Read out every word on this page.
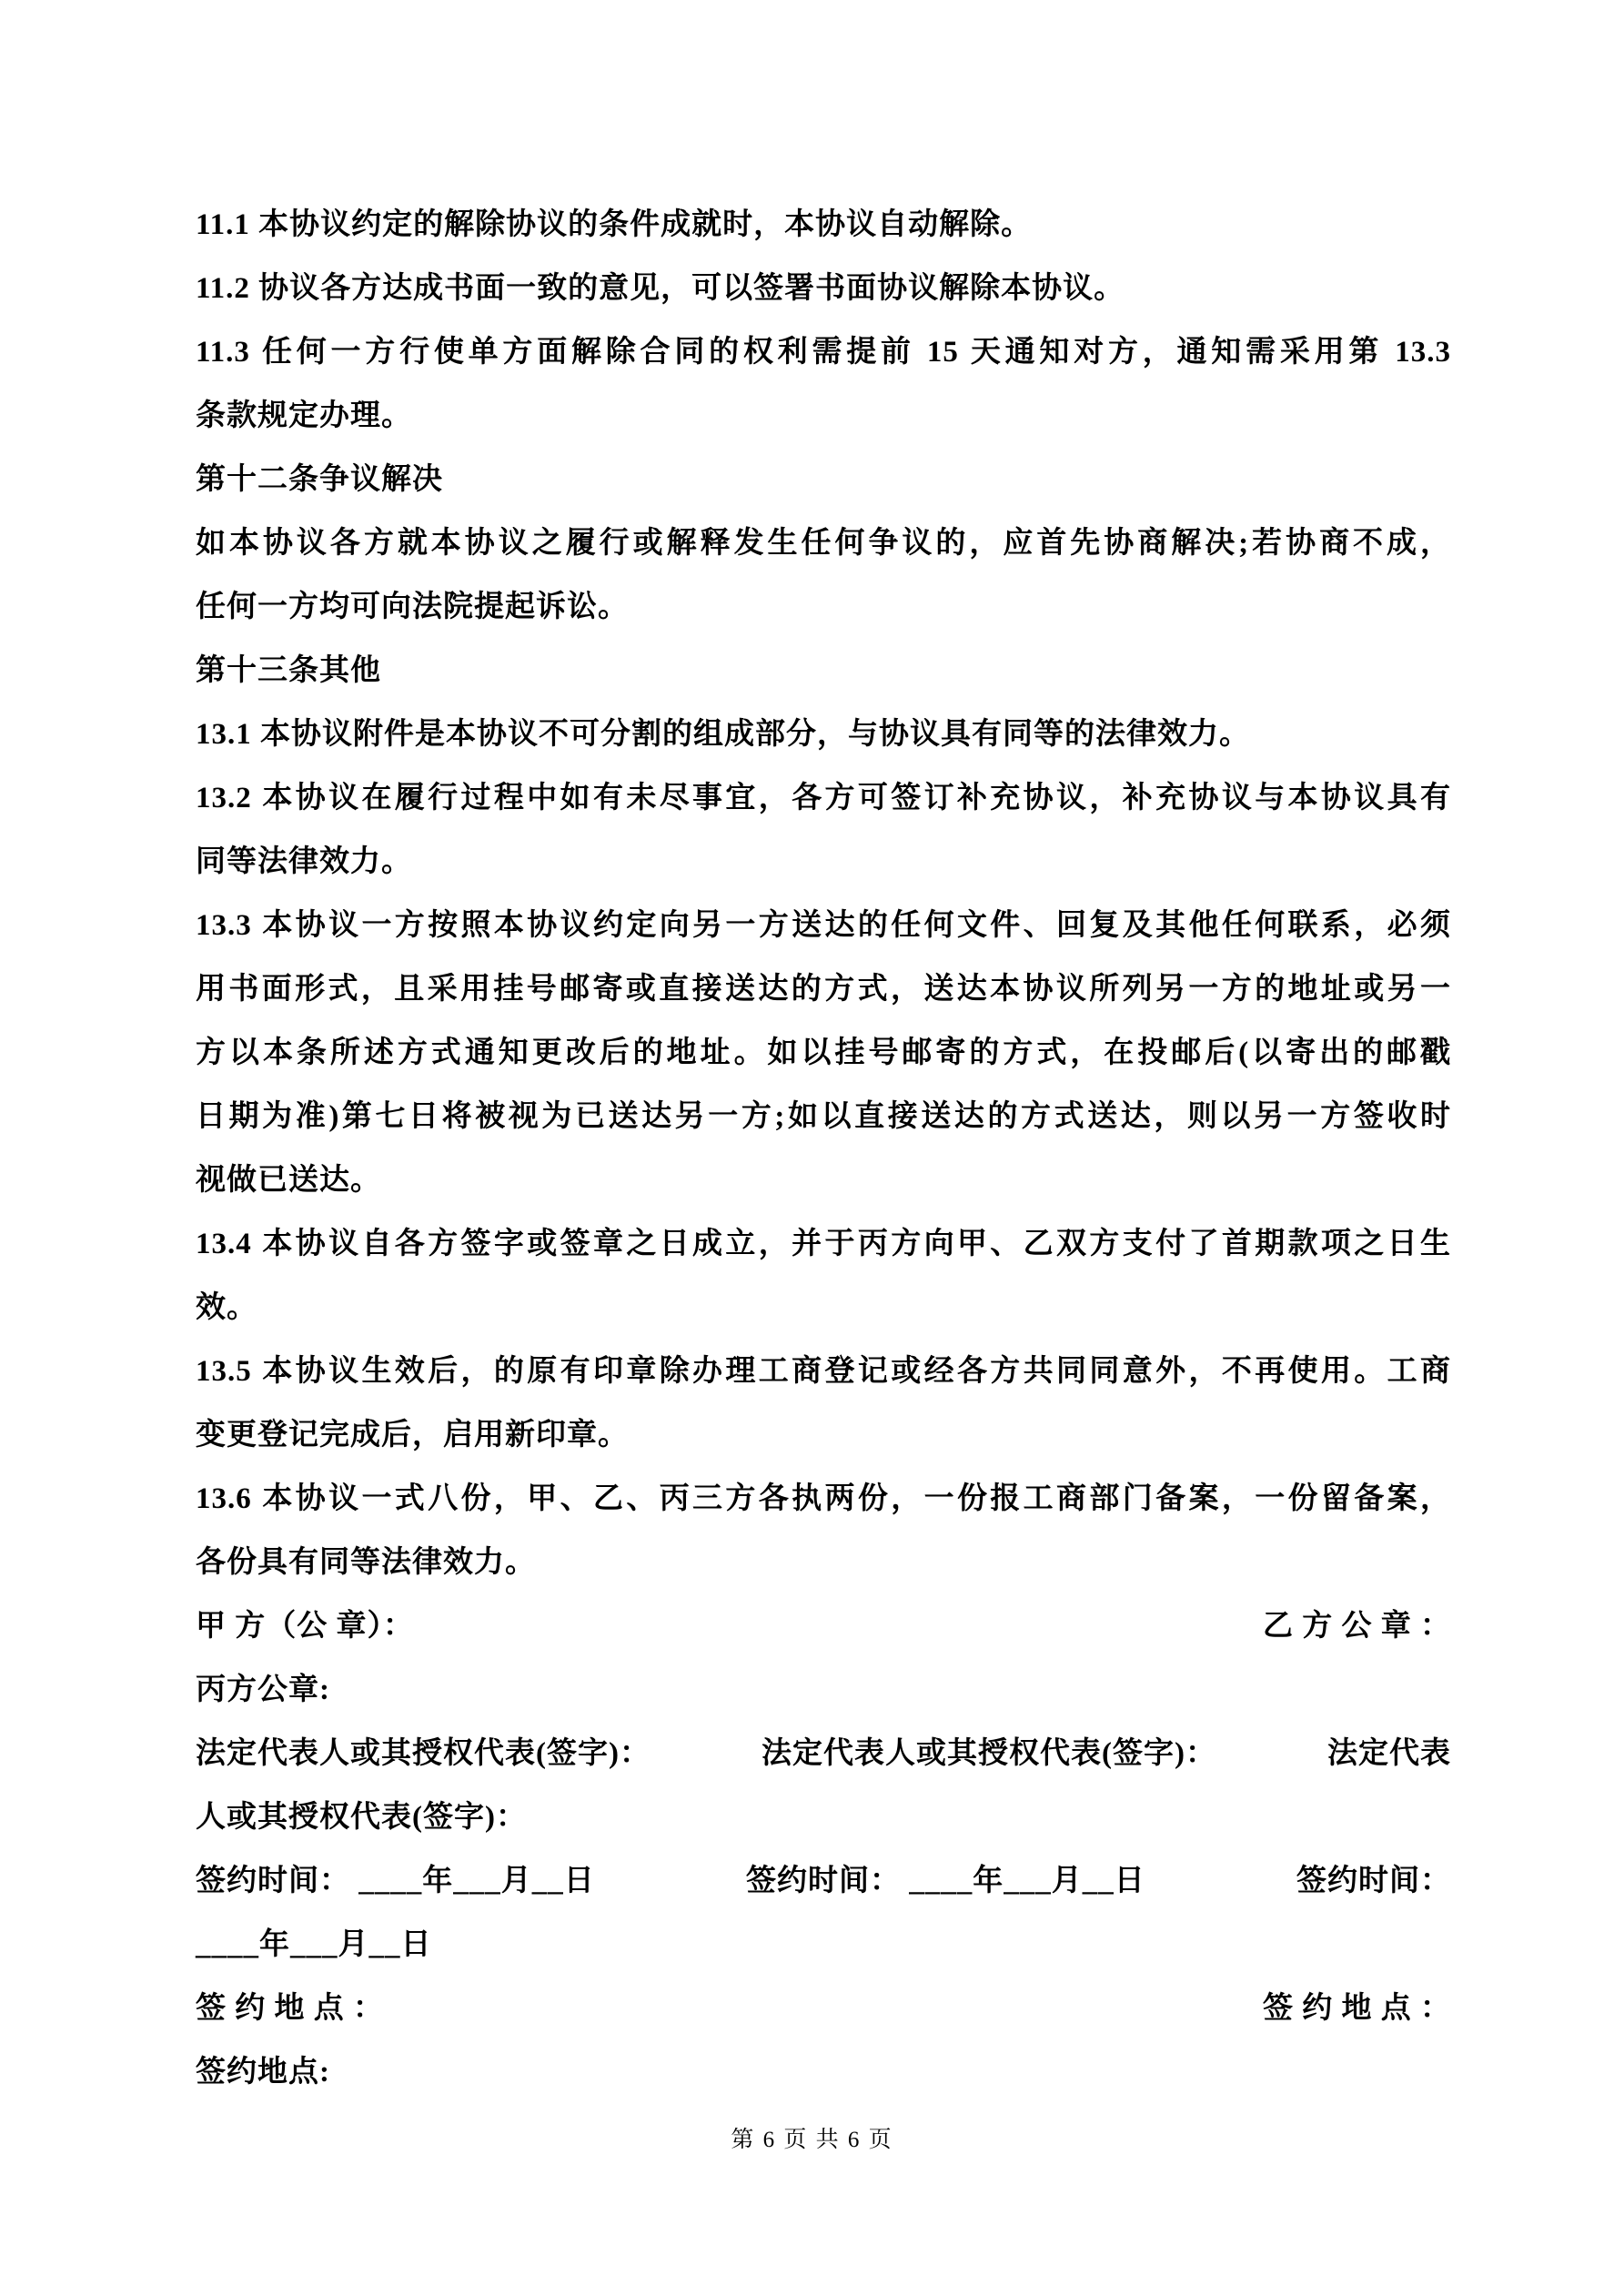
11.1 本协议约定的解除协议的条件成就时，本协议自动解除。
11.2 协议各方达成书面一致的意见，可以签署书面协议解除本协议。
11.3 任何一方行使单方面解除合同的权利需提前 15 天通知对方，通知需采用第 13.3
条款规定办理。
第十二条争议解决
如本协议各方就本协议之履行或解释发生任何争议的，应首先协商解决;若协商不成，
任何一方均可向法院提起诉讼。
第十三条其他
13.1 本协议附件是本协议不可分割的组成部分，与协议具有同等的法律效力。
13.2 本协议在履行过程中如有未尽事宜，各方可签订补充协议，补充协议与本协议具有
同等法律效力。
13.3 本协议一方按照本协议约定向另一方送达的任何文件、回复及其他任何联系，必须
用书面形式，且采用挂号邮寄或直接送达的方式，送达本协议所列另一方的地址或另一
方以本条所述方式通知更改后的地址。如以挂号邮寄的方式，在投邮后(以寄出的邮戳
日期为准)第七日将被视为已送达另一方;如以直接送达的方式送达，则以另一方签收时
视做已送达。
13.4 本协议自各方签字或签章之日成立，并于丙方向甲、乙双方支付了首期款项之日生
效。
13.5 本协议生效后，的原有印章除办理工商登记或经各方共同同意外，不再使用。工商
变更登记完成后，启用新印章。
13.6 本协议一式八份，甲、乙、丙三方各执两份，一份报工商部门备案，一份留备案，
各份具有同等法律效力。
甲 方（公 章）：	乙 方 公 章 ：
丙方公章:
法定代表人或其授权代表(签字)：	法定代表人或其授权代表(签字)：	法定代表
人或其授权代表(签字)：
签约时间： ____年___月__日	签约时间： ____年___月__日	签约时间：
____年___月__日
签 约 地 点 ：	签 约 地 点 ：
签约地点:
第 6 页 共 6 页
